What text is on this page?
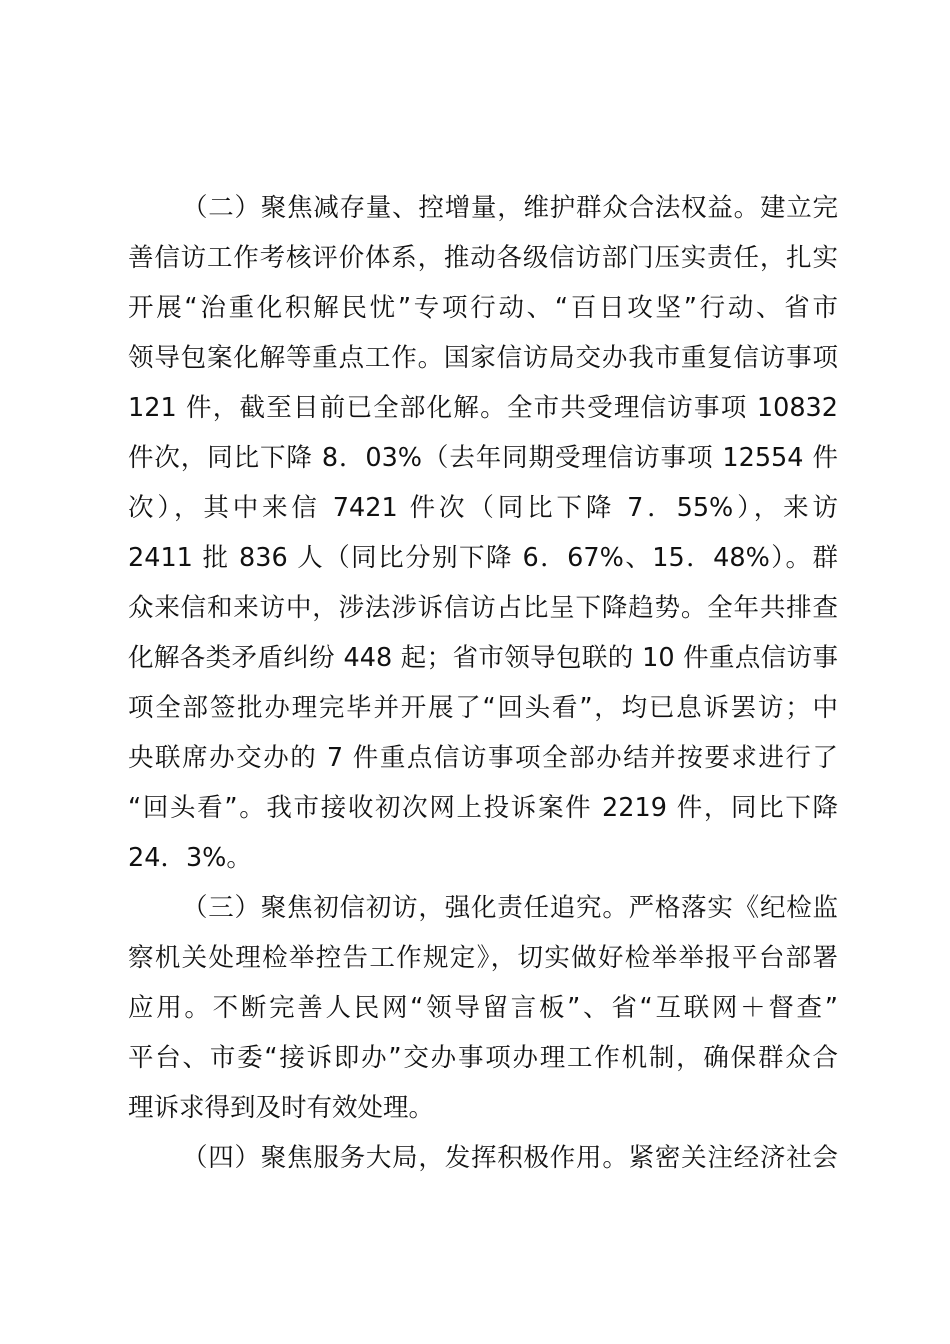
（二）聚焦减存量、控增量，维护群众合法权益。建立完
善信访工作考核评价体系，推动各级信访部门压实责任，扎实
开展“治重化积解民忧”专项行动、“百日攻坚”行动、省市
领导包案化解等重点工作。国家信访局交办我市重复信访事项
121 件，截至目前已全部化解。全市共受理信访事项 10832
件次，同比下降 8．03%（去年同期受理信访事项 12554 件
次），其中来信 7421 件次（同比下降 7．55%），来访
2411 批 836 人（同比分别下降 6．67%、15．48%）。群
众来信和来访中，涉法涉诉信访占比呈下降趋势。全年共排查
化解各类矛盾纠纷 448 起；省市领导包联的 10 件重点信访事
项全部签批办理完毕并开展了“回头看”，均已息诉罢访；中
央联席办交办的 7 件重点信访事项全部办结并按要求进行了
“回头看”。我市接收初次网上投诉案件 2219 件，同比下降
24．3%。
（三）聚焦初信初访，强化责任追究。严格落实《纪检监
察机关处理检举控告工作规定》，切实做好检举举报平台部署
应用。不断完善人民网“领导留言板”、省“互联网＋督查”
平台、市委“接诉即办”交办事项办理工作机制，确保群众合
理诉求得到及时有效处理。
（四）聚焦服务大局，发挥积极作用。紧密关注经济社会
